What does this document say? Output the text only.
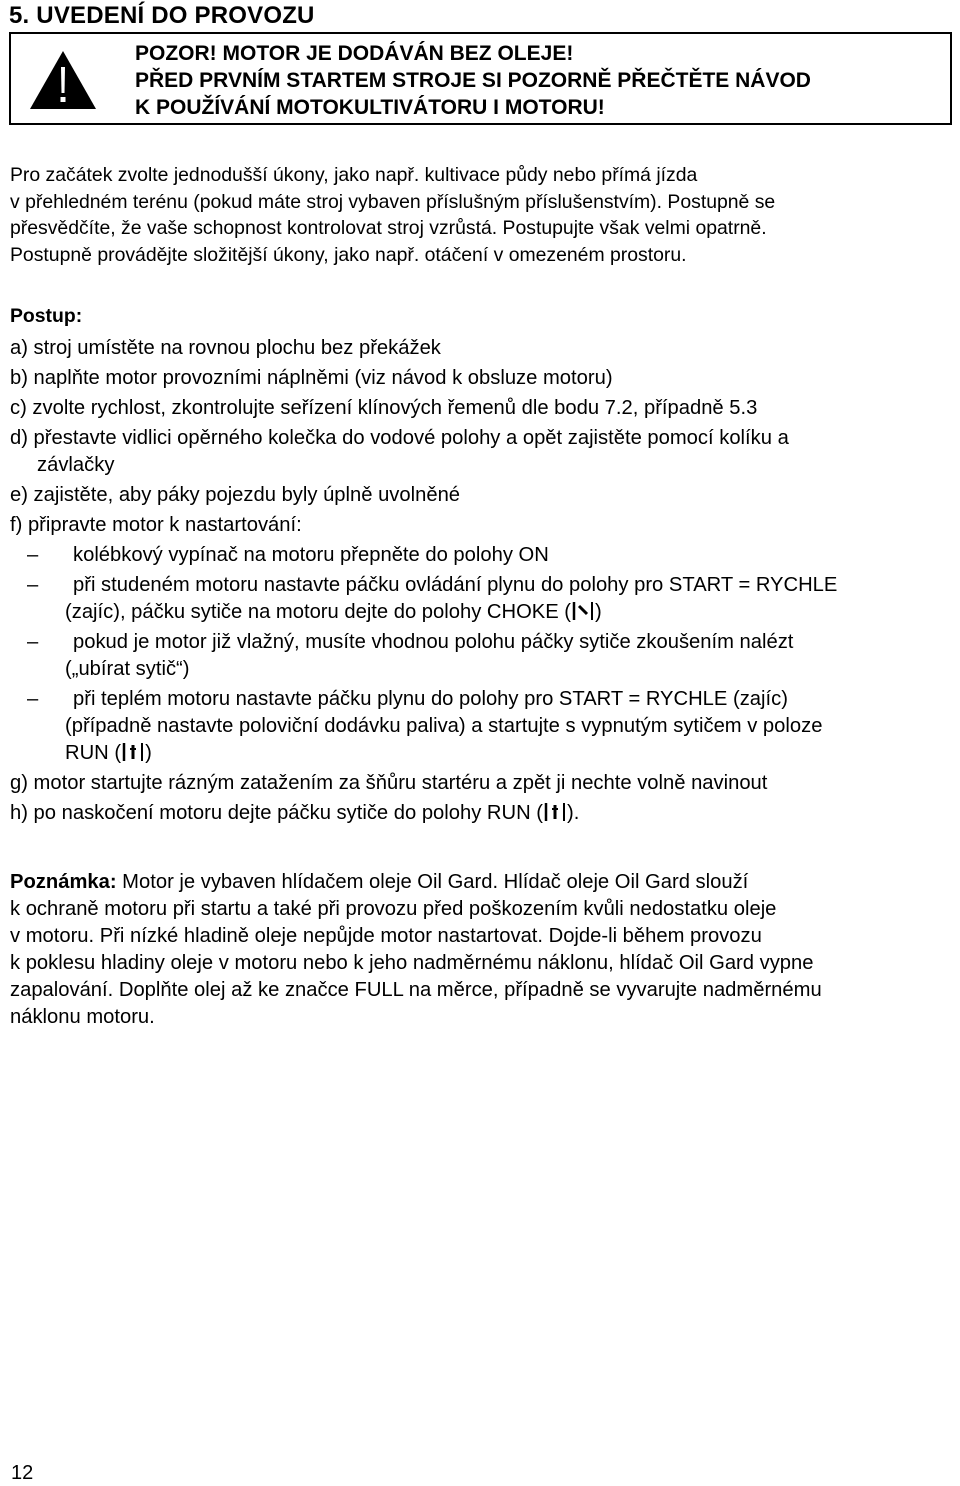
5. UVEDENÍ DO PROVOZU
POZOR! MOTOR JE DODÁVÁN BEZ OLEJE!
PŘED PRVNÍM STARTEM STROJE SI POZORNĚ PŘEČTĚTE NÁVOD
K POUŽÍVÁNÍ MOTOKULTIVÁTORU I MOTORU!
Pro začátek zvolte jednodušší úkony, jako např. kultivace půdy nebo přímá jízda
v přehledném terénu (pokud máte stroj vybaven příslušným příslušenstvím). Postupně se
přesvědčíte, že vaše schopnost kontrolovat stroj vzrůstá. Postupujte však velmi opatrně.
Postupně provádějte složitější úkony, jako např. otáčení v omezeném prostoru.
Postup:
a) stroj umístěte na rovnou plochu bez překážek
b) naplňte motor provozními náplněmi (viz návod k obsluze motoru)
c) zvolte rychlost, zkontrolujte seřízení klínových řemenů dle bodu 7.2, případně 5.3
d) přestavte vidlici opěrného kolečka do vodové polohy a opět zajistěte pomocí kolíku a
závlačky
e) zajistěte, aby páky pojezdu byly úplně uvolněné
f) připravte motor k nastartování:
– kolébkový vypínač na motoru přepněte do polohy ON
– při studeném motoru nastavte páčku ovládání plynu do polohy pro START = RYCHLE
(zajíc), páčku sytiče na motoru dejte do polohy CHOKE ( )
– pokud je motor již vlažný, musíte vhodnou polohu páčky sytiče zkoušením nalézt
(„ubírat sytič“)
– při teplém motoru nastavte páčku plynu do polohy pro START = RYCHLE (zajíc)
(případně nastavte poloviční dodávku paliva) a startujte s vypnutým sytičem v poloze
RUN ( )
g) motor startujte rázným zatažením za šňůru startéru a zpět ji nechte volně navinout
h) po naskočení motoru dejte páčku sytiče do polohy RUN ( ).
Poznámka: Motor je vybaven hlídačem oleje Oil Gard. Hlídač oleje Oil Gard slouží
k ochraně motoru při startu a také při provozu před poškozením kvůli nedostatku oleje
v motoru. Při nízké hladině oleje nepůjde motor nastartovat. Dojde-li během provozu
k poklesu hladiny oleje v motoru nebo k jeho nadměrnému náklonu, hlídač Oil Gard vypne
zapalování. Doplňte olej až ke značce FULL na měrce, případně se vyvarujte nadměrnému
náklonu motoru.
12
